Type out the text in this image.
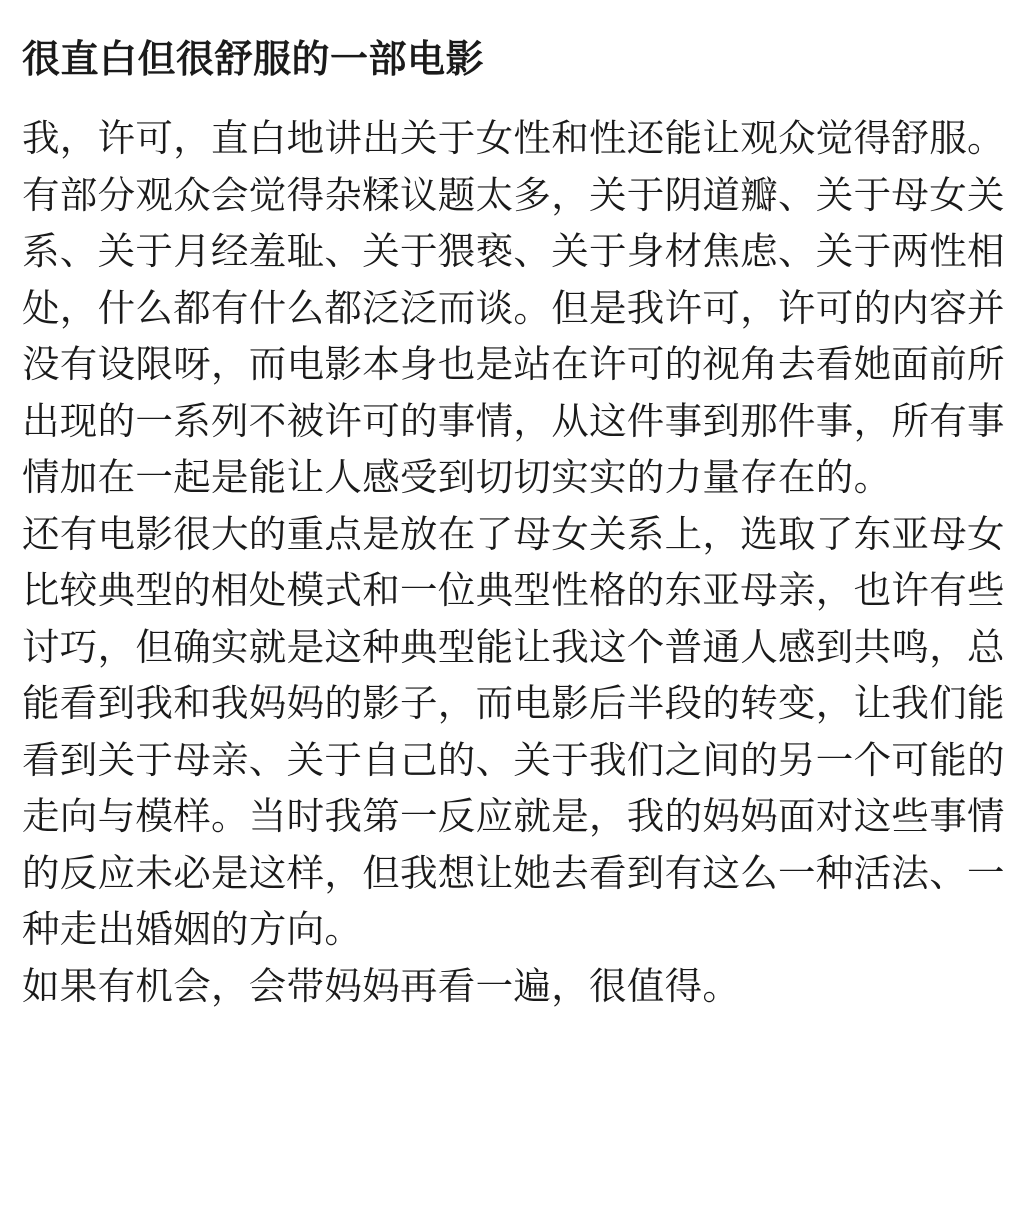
很直白但很舒服的一部电影

我，许可，直白地讲出关于女性和性还能让观众觉得舒服。有部分观众会觉得杂糅议题太多，关于阴道瓣、关于母女关系、关于月经羞耻、关于猥亵、关于身材焦虑、关于两性相处，什么都有什么都泛泛而谈。但是我许可，许可的内容并没有设限呀，而电影本身也是站在许可的视角去看她面前所出现的一系列不被许可的事情，从这件事到那件事，所有事情加在一起是能让人感受到切切实实的力量存在的。

还有电影很大的重点是放在了母女关系上，选取了东亚母女比较典型的相处模式和一位典型性格的东亚母亲，也许有些讨巧，但确实就是这种典型能让我这个普通人感到共鸣，总能看到我和我妈妈的影子，而电影后半段的转变，让我们能看到关于母亲、关于自己的、关于我们之间的另一个可能的走向与模样。当时我第一反应就是，我的妈妈面对这些事情的反应未必是这样，但我想让她去看到有这么一种活法、一种走出婚姻的方向。

如果有机会，会带妈妈再看一遍，很值得。
